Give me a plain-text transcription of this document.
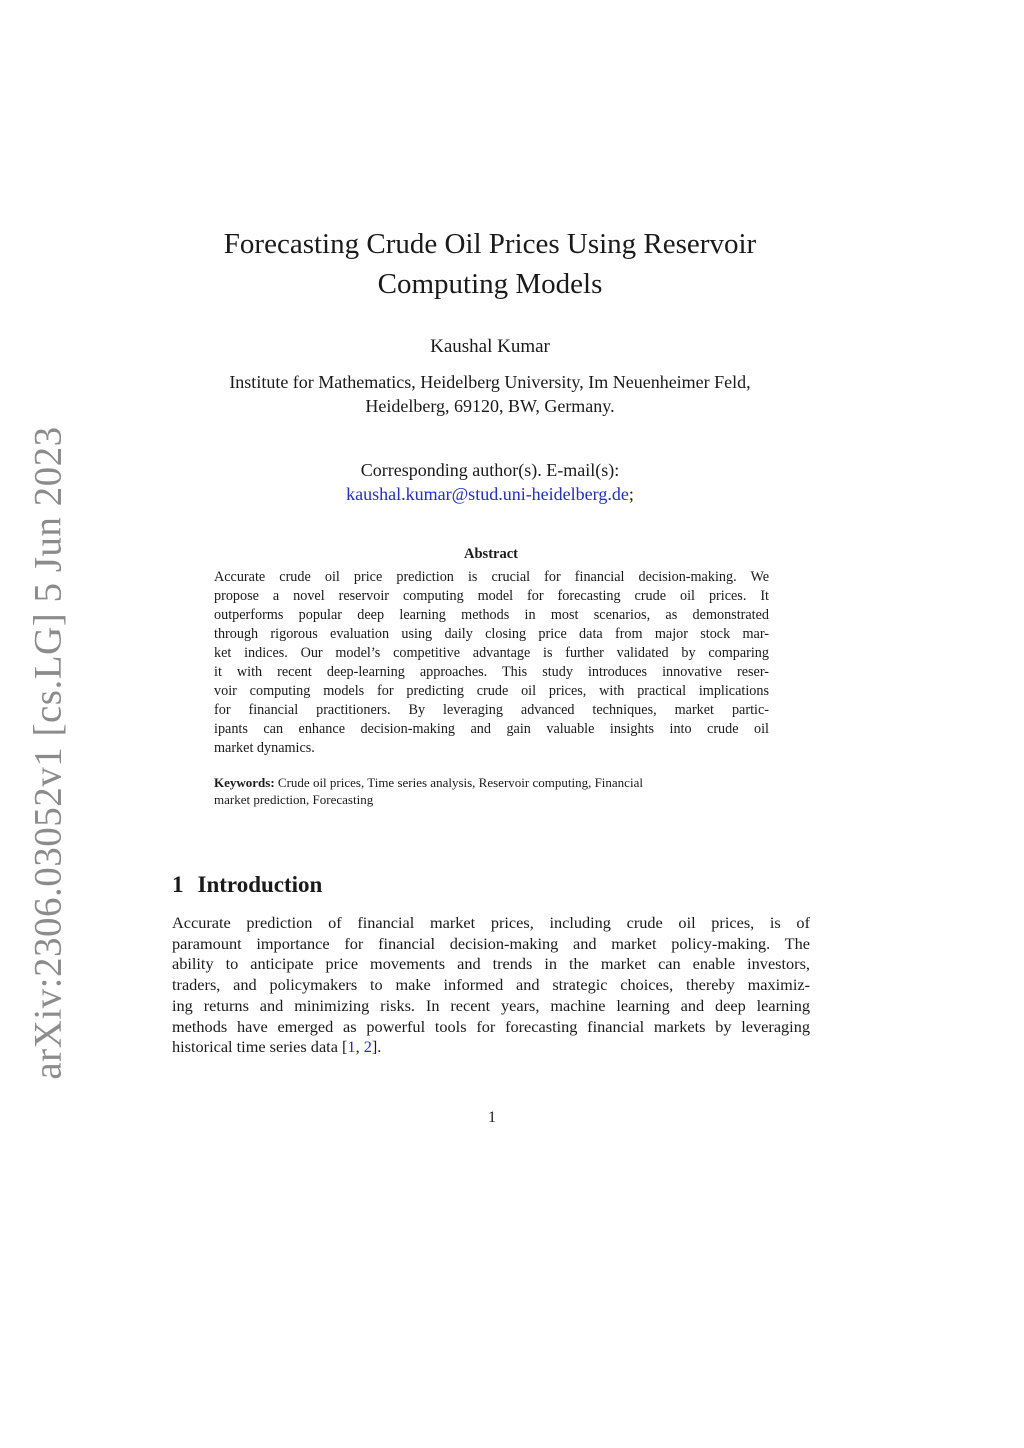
arXiv:2306.03052v1 [cs.LG] 5 Jun 2023
Forecasting Crude Oil Prices Using Reservoir
Computing Models
Kaushal Kumar
Institute for Mathematics, Heidelberg University, Im Neuenheimer Feld,
Heidelberg, 69120, BW, Germany.
Corresponding author(s). E-mail(s):
kaushal.kumar@stud.uni-heidelberg.de;
Abstract
Accurate crude oil price prediction is crucial for financial decision-making. We
propose a novel reservoir computing model for forecasting crude oil prices. It
outperforms popular deep learning methods in most scenarios, as demonstrated
through rigorous evaluation using daily closing price data from major stock mar-
ket indices. Our model’s competitive advantage is further validated by comparing
it with recent deep-learning approaches. This study introduces innovative reser-
voir computing models for predicting crude oil prices, with practical implications
for financial practitioners. By leveraging advanced techniques, market partic-
ipants can enhance decision-making and gain valuable insights into crude oil
market dynamics.
Keywords: Crude oil prices, Time series analysis, Reservoir computing, Financial
market prediction, Forecasting
1 Introduction
Accurate prediction of financial market prices, including crude oil prices, is of
paramount importance for financial decision-making and market policy-making. The
ability to anticipate price movements and trends in the market can enable investors,
traders, and policymakers to make informed and strategic choices, thereby maximiz-
ing returns and minimizing risks. In recent years, machine learning and deep learning
methods have emerged as powerful tools for forecasting financial markets by leveraging
historical time series data [1, 2].
1
